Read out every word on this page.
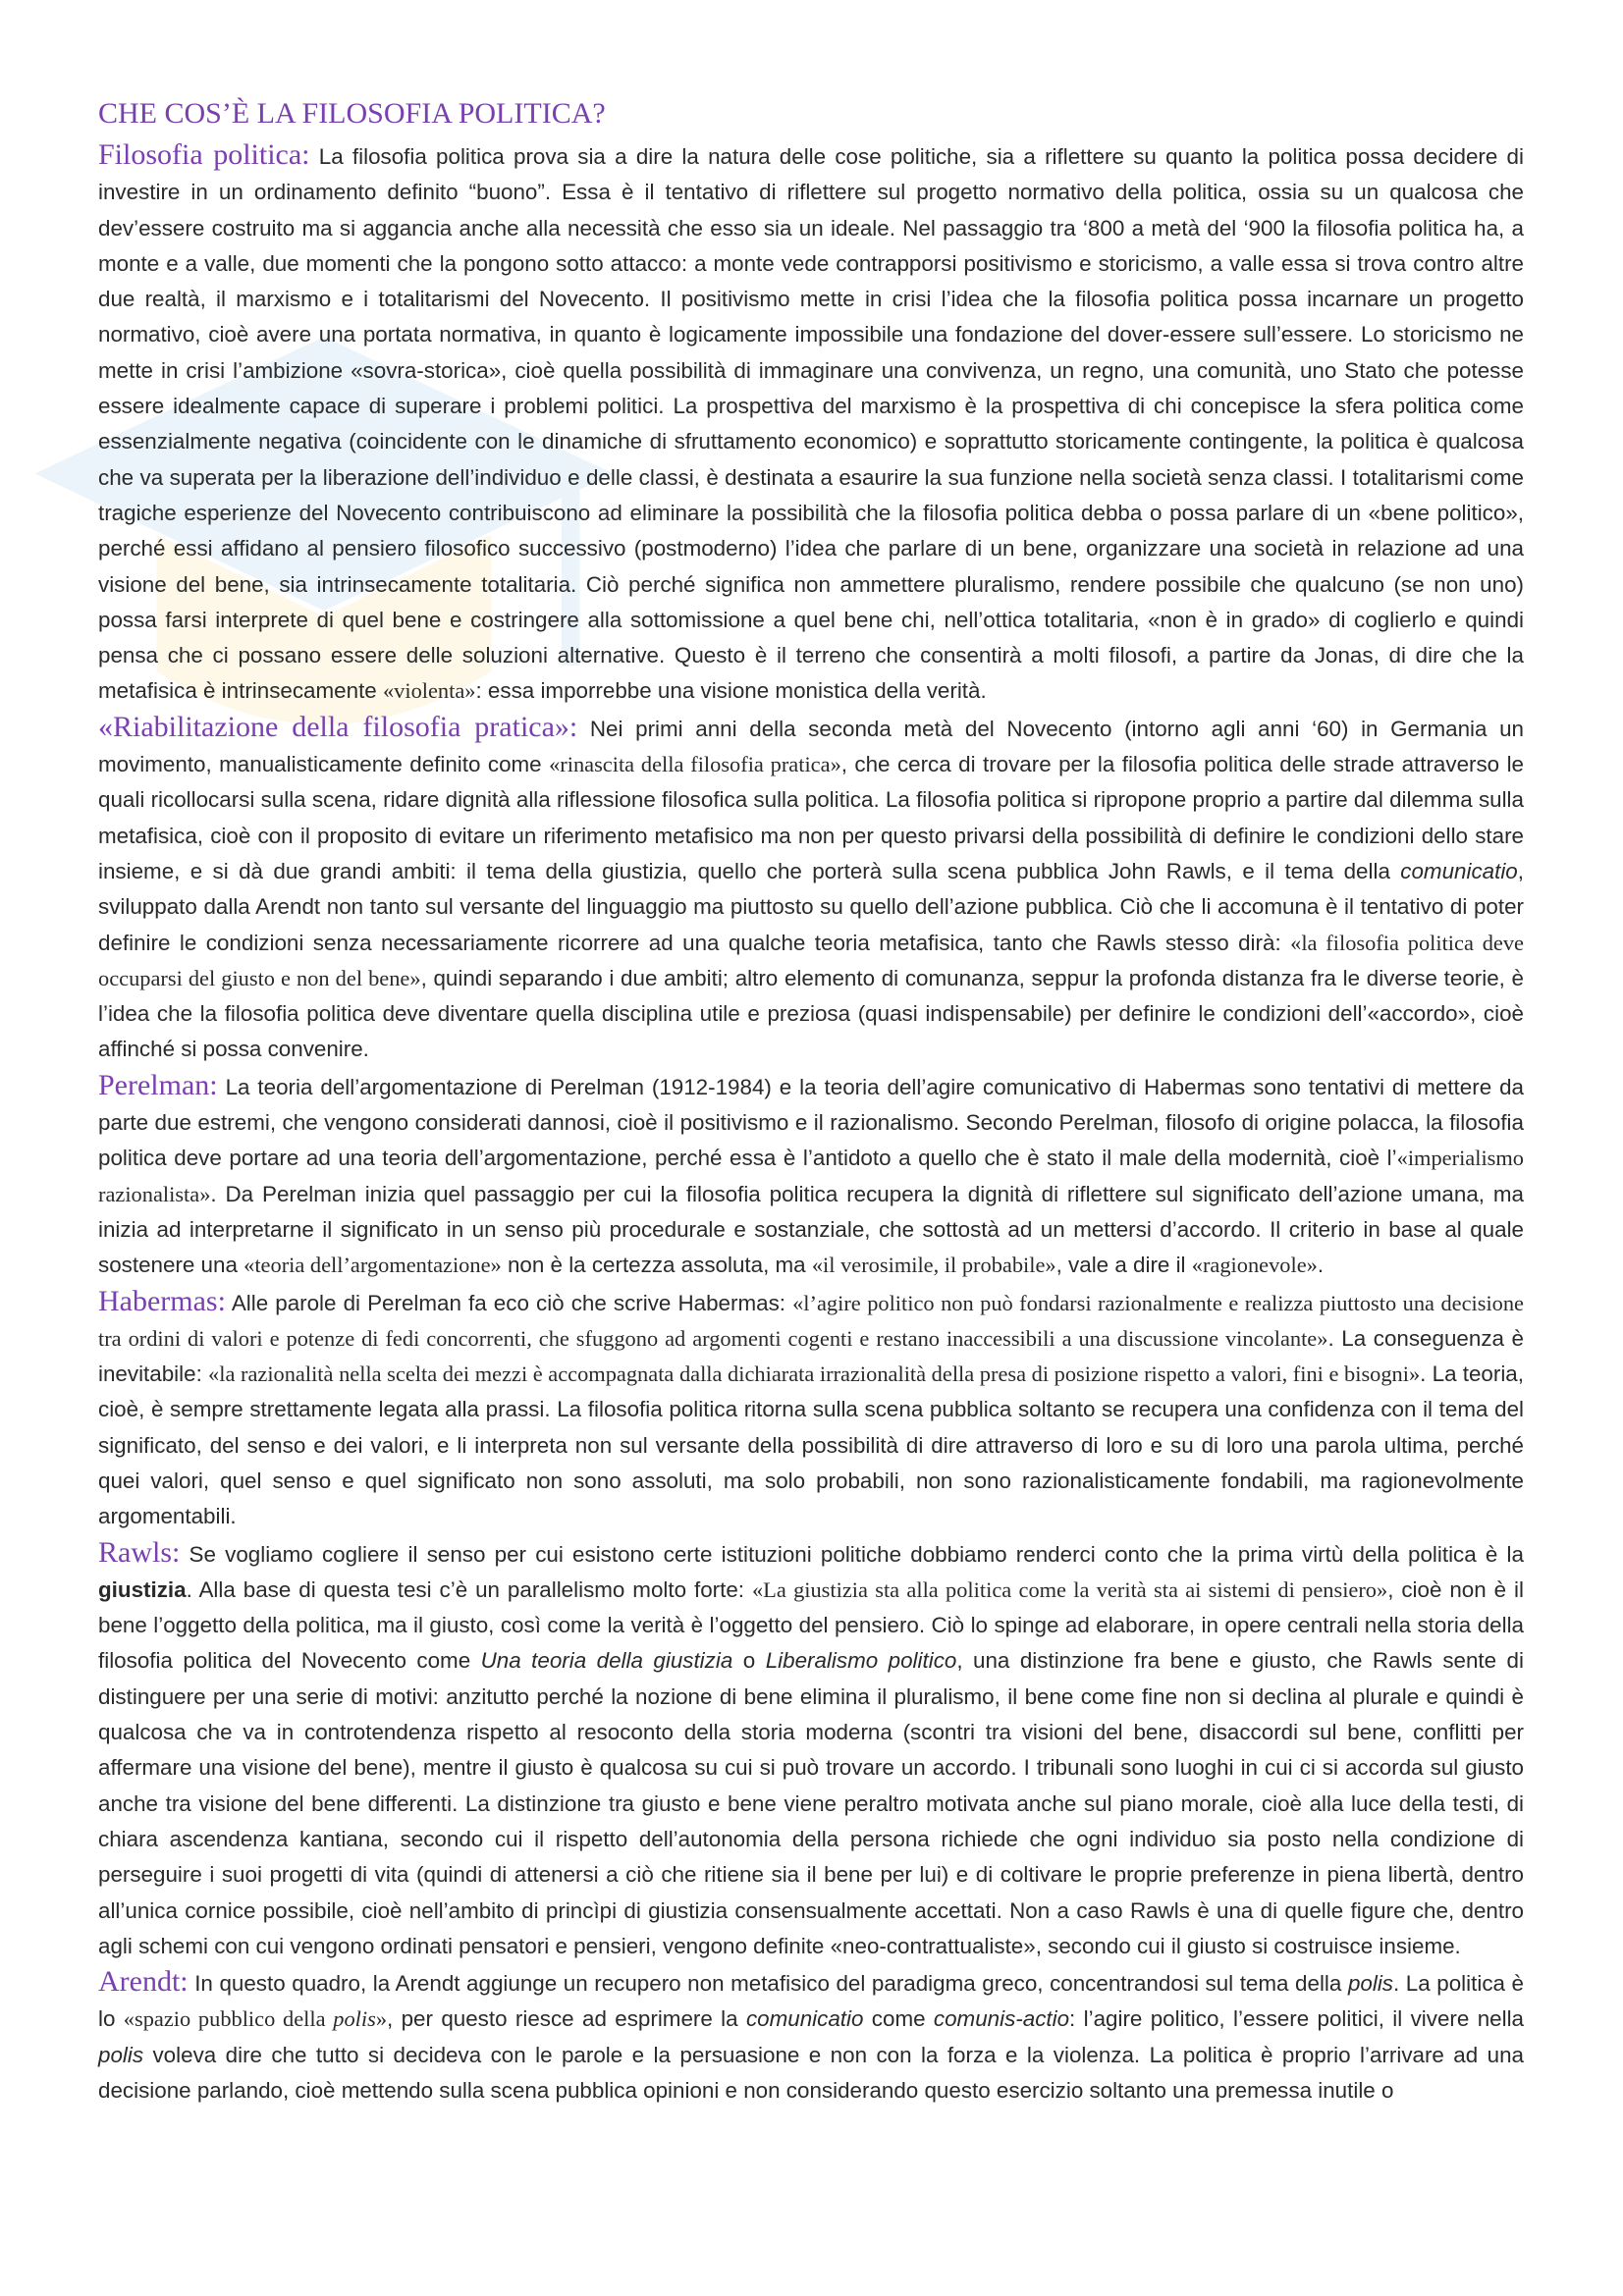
CHE COS’È LA FILOSOFIA POLITICA?

Filosofia politica: La filosofia politica prova sia a dire la natura delle cose politiche, sia a riflettere su quanto la politica possa decidere di investire in un ordinamento definito “buono”. Essa è il tentativo di riflettere sul progetto normativo della politica, ossia su un qualcosa che dev’essere costruito ma si aggancia anche alla necessità che esso sia un ideale. Nel passaggio tra ‘800 a metà del ‘900 la filosofia politica ha, a monte e a valle, due momenti che la pongono sotto attacco: a monte vede contrapporsi positivismo e storicismo, a valle essa si trova contro altre due realtà, il marxismo e i totalitarismi del Novecento. Il positivismo mette in crisi l’idea che la filosofia politica possa incarnare un progetto normativo, cioè avere una portata normativa, in quanto è logicamente impossibile una fondazione del dover-essere sull’essere. Lo storicismo ne mette in crisi l’ambizione «sovra-storica», cioè quella possibilità di immaginare una convivenza, un regno, una comunità, uno Stato che potesse essere idealmente capace di superare i problemi politici. La prospettiva del marxismo è la prospettiva di chi concepisce la sfera politica come essenzialmente negativa (coincidente con le dinamiche di sfruttamento economico) e soprattutto storicamente contingente, la politica è qualcosa che va superata per la liberazione dell’individuo e delle classi, è destinata a esaurire la sua funzione nella società senza classi. I totalitarismi come tragiche esperienze del Novecento contribuiscono ad eliminare la possibilità che la filosofia politica debba o possa parlare di un «bene politico», perché essi affidano al pensiero filosofico successivo (postmoderno) l’idea che parlare di un bene, organizzare una società in relazione ad una visione del bene, sia intrinsecamente totalitaria. Ciò perché significa non ammettere pluralismo, rendere possibile che qualcuno (se non uno) possa farsi interprete di quel bene e costringere alla sottomissione a quel bene chi, nell’ottica totalitaria, «non è in grado» di coglierlo e quindi pensa che ci possano essere delle soluzioni alternative. Questo è il terreno che consentirà a molti filosofi, a partire da Jonas, di dire che la metafisica è intrinsecamente «violenta»: essa imporrebbe una visione monistica della verità.

«Riabilitazione della filosofia pratica»: Nei primi anni della seconda metà del Novecento (intorno agli anni ‘60) in Germania un movimento, manualisticamente definito come «rinascita della filosofia pratica», che cerca di trovare per la filosofia politica delle strade attraverso le quali ricollocarsi sulla scena, ridare dignità alla riflessione filosofica sulla politica. La filosofia politica si ripropone proprio a partire dal dilemma sulla metafisica, cioè con il proposito di evitare un riferimento metafisico ma non per questo privarsi della possibilità di definire le condizioni dello stare insieme, e si dà due grandi ambiti: il tema della giustizia, quello che porterà sulla scena pubblica John Rawls, e il tema della comunicatio, sviluppato dalla Arendt non tanto sul versante del linguaggio ma piuttosto su quello dell’azione pubblica. Ciò che li accomuna è il tentativo di poter definire le condizioni senza necessariamente ricorrere ad una qualche teoria metafisica, tanto che Rawls stesso dirà: «la filosofia politica deve occuparsi del giusto e non del bene», quindi separando i due ambiti; altro elemento di comunanza, seppur la profonda distanza fra le diverse teorie, è l’idea che la filosofia politica deve diventare quella disciplina utile e preziosa (quasi indispensabile) per definire le condizioni dell’«accordo», cioè affinché si possa convenire.

Perelman: La teoria dell’argomentazione di Perelman (1912-1984) e la teoria dell’agire comunicativo di Habermas sono tentativi di mettere da parte due estremi, che vengono considerati dannosi, cioè il positivismo e il razionalismo. Secondo Perelman, filosofo di origine polacca, la filosofia politica deve portare ad una teoria dell’argomentazione, perché essa è l’antidoto a quello che è stato il male della modernità, cioè l’«imperialismo razionalista». Da Perelman inizia quel passaggio per cui la filosofia politica recupera la dignità di riflettere sul significato dell’azione umana, ma inizia ad interpretarne il significato in un senso più procedurale e sostanziale, che sottostà ad un mettersi d’accordo. Il criterio in base al quale sostenere una «teoria dell’argomentazione» non è la certezza assoluta, ma «il verosimile, il probabile», vale a dire il «ragionevole».

Habermas: Alle parole di Perelman fa eco ciò che scrive Habermas: «l’agire politico non può fondarsi razionalmente e realizza piuttosto una decisione tra ordini di valori e potenze di fedi concorrenti, che sfuggono ad argomenti cogenti e restano inaccessibili a una discussione vincolante». La conseguenza è inevitabile: «la razionalità nella scelta dei mezzi è accompagnata dalla dichiarata irrazionalità della presa di posizione rispetto a valori, fini e bisogni». La teoria, cioè, è sempre strettamente legata alla prassi. La filosofia politica ritorna sulla scena pubblica soltanto se recupera una confidenza con il tema del significato, del senso e dei valori, e li interpreta non sul versante della possibilità di dire attraverso di loro e su di loro una parola ultima, perché quei valori, quel senso e quel significato non sono assoluti, ma solo probabili, non sono razionalisticamente fondabili, ma ragionevolmente argomentabili.

Rawls: Se vogliamo cogliere il senso per cui esistono certe istituzioni politiche dobbiamo renderci conto che la prima virtù della politica è la giustizia. Alla base di questa tesi c’è un parallelismo molto forte: «La giustizia sta alla politica come la verità sta ai sistemi di pensiero», cioè non è il bene l’oggetto della politica, ma il giusto, così come la verità è l’oggetto del pensiero. Ciò lo spinge ad elaborare, in opere centrali nella storia della filosofia politica del Novecento come Una teoria della giustizia o Liberalismo politico, una distinzione fra bene e giusto, che Rawls sente di distinguere per una serie di motivi: anzitutto perché la nozione di bene elimina il pluralismo, il bene come fine non si declina al plurale e quindi è qualcosa che va in controtendenza rispetto al resoconto della storia moderna (scontri tra visioni del bene, disaccordi sul bene, conflitti per affermare una visione del bene), mentre il giusto è qualcosa su cui si può trovare un accordo. I tribunali sono luoghi in cui ci si accorda sul giusto anche tra visione del bene differenti. La distinzione tra giusto e bene viene peraltro motivata anche sul piano morale, cioè alla luce della testi, di chiara ascendenza kantiana, secondo cui il rispetto dell’autonomia della persona richiede che ogni individuo sia posto nella condizione di perseguire i suoi progetti di vita (quindi di attenersi a ciò che ritiene sia il bene per lui) e di coltivare le proprie preferenze in piena libertà, dentro all’unica cornice possibile, cioè nell’ambito di princìpi di giustizia consensualmente accettati. Non a caso Rawls è una di quelle figure che, dentro agli schemi con cui vengono ordinati pensatori e pensieri, vengono definite «neo-contrattualiste», secondo cui il giusto si costruisce insieme.

Arendt: In questo quadro, la Arendt aggiunge un recupero non metafisico del paradigma greco, concentrandosi sul tema della polis. La politica è lo «spazio pubblico della polis», per questo riesce ad esprimere la comunicatio come comunis-actio: l’agire politico, l’essere politici, il vivere nella polis voleva dire che tutto si decideva con le parole e la persuasione e non con la forza e la violenza. La politica è proprio l’arrivare ad una decisione parlando, cioè mettendo sulla scena pubblica opinioni e non considerando questo esercizio soltanto una premessa inutile o
